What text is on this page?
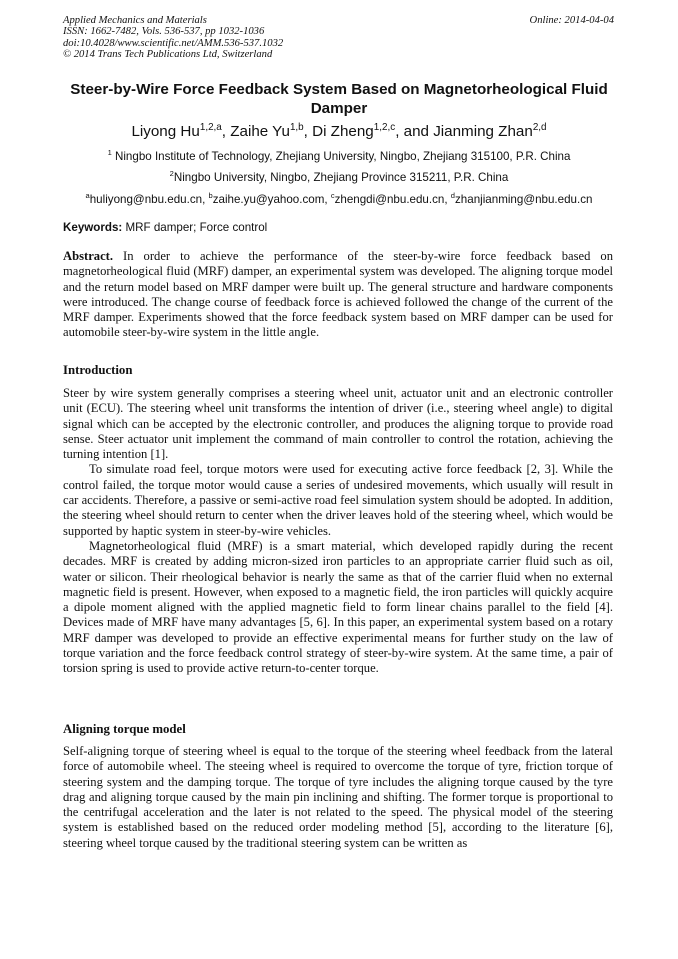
Applied Mechanics and Materials
ISSN: 1662-7482, Vols. 536-537, pp 1032-1036
doi:10.4028/www.scientific.net/AMM.536-537.1032
© 2014 Trans Tech Publications Ltd, Switzerland
Online: 2014-04-04
Steer-by-Wire Force Feedback System Based on Magnetorheological Fluid Damper
Liyong Hu$^{1,2,a}$, Zaihe Yu$^{1,b}$, Di Zheng$^{1,2,c}$, and Jianming Zhan$^{2,d}$
$^1$ Ningbo Institute of Technology, Zhejiang University, Ningbo, Zhejiang 315100, P.R. China
$^2$Ningbo University, Ningbo, Zhejiang Province 315211, P.R. China
$^a$huliyong@nbu.edu.cn, $^b$zaihe.yu@yahoo.com, $^c$zhengdi@nbu.edu.cn, $^d$zhanjianming@nbu.edu.cn
Keywords: MRF damper; Force control

Abstract. In order to achieve the performance of the steer-by-wire force feedback based on magnetorheological fluid (MRF) damper, an experimental system was developed. The aligning torque model and the return model based on MRF damper were built up. The general structure and hardware components were introduced. The change course of feedback force is achieved followed the change of the current of the MRF damper. Experiments showed that the force feedback system based on MRF damper can be used for automobile steer-by-wire system in the little angle.

Introduction

Steer by wire system generally comprises a steering wheel unit, actuator unit and an electronic controller unit (ECU). The steering wheel unit transforms the intention of driver (i.e., steering wheel angle) to digital signal which can be accepted by the electronic controller, and produces the aligning torque to provide road sense. Steer actuator unit implement the command of main controller to control the rotation, achieving the turning intention [1].

To simulate road feel, torque motors were used for executing active force feedback [2, 3]. While the control failed, the torque motor would cause a series of undesired movements, which usually will result in car accidents. Therefore, a passive or semi-active road feel simulation system should be adopted. In addition, the steering wheel should return to center when the driver leaves hold of the steering wheel, which would be supported by haptic system in steer-by-wire vehicles.

Magnetorheological fluid (MRF) is a smart material, which developed rapidly during the recent decades. MRF is created by adding micron-sized iron particles to an appropriate carrier fluid such as oil, water or silicon. Their rheological behavior is nearly the same as that of the carrier fluid when no external magnetic field is present. However, when exposed to a magnetic field, the iron particles will quickly acquire a dipole moment aligned with the applied magnetic field to form linear chains parallel to the field [4]. Devices made of MRF have many advantages [5, 6]. In this paper, an experimental system based on a rotary MRF damper was developed to provide an effective experimental means for further study on the law of torque variation and the force feedback control strategy of steer-by-wire system. At the same time, a pair of torsion spring is used to provide active return-to-center torque.

Aligning torque model

Self-aligning torque of steering wheel is equal to the torque of the steering wheel feedback from the lateral force of automobile wheel. The steeing wheel is required to overcome the torque of tyre, friction torque of steering system and the damping torque. The torque of tyre includes the aligning torque caused by the tyre drag and aligning torque caused by the main pin inclining and shifting. The former torque is proportional to the centrifugal acceleration and the later is not related to the speed. The physical model of the steering system is established based on the reduced order modeling method [5], according to the literature [6], steering wheel torque caused by the traditional steering system can be written as
